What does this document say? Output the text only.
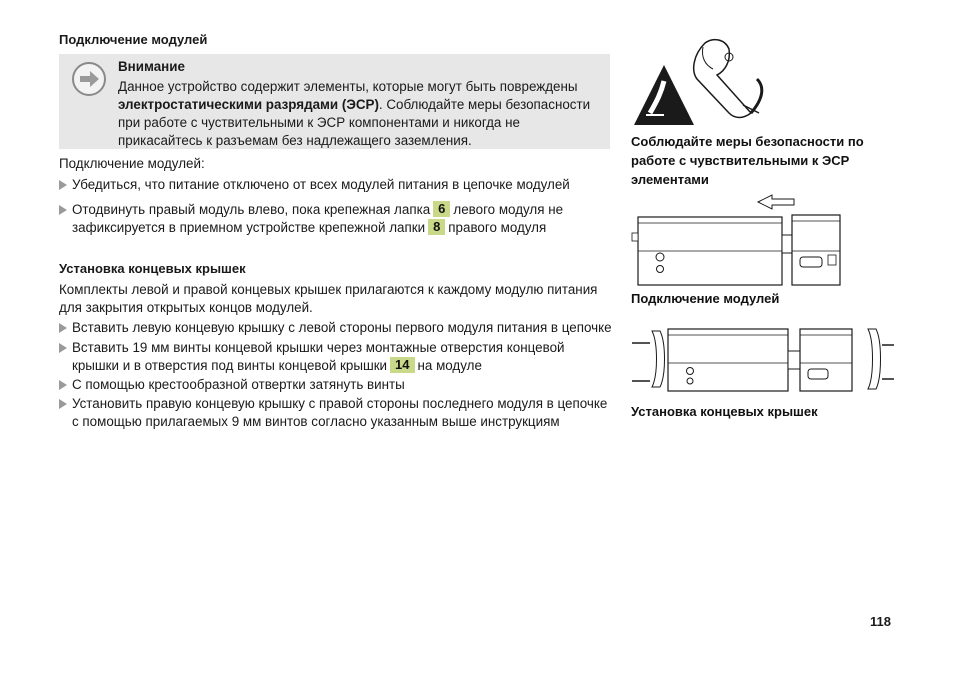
Подключение модулей
Внимание

Данное устройство содержит элементы, которые могут быть повреждены электростатическими разрядами (ЭСР). Соблюдайте меры безопасности при работе с чуствительными к ЭСР компонентами и никогда не прикасайтесь к разъемам без надлежащего заземления.

Подключение модулей:

Убедиться, что питание отключено от всех модулей питания в цепочке модулей
Отодвинуть правый модуль влево, пока крепежная лапка 6 левого модуля не зафиксируется в приемном устройстве крепежной лапки 8 правого модуля
Установка концевых крышек

Комплекты левой и правой концевых крышек прилагаются к каждому модулю питания для закрытия открытых концов модулей.

Вставить левую концевую крышку с левой стороны первого модуля питания в цепочке
Вставить 19 мм винты концевой крышки через монтажные отверстия концевой крышки и в отверстия под винты концевой крышки 14 на модуле
С помощью крестообразной отвертки затянуть винты
Установить правую концевую крышку с правой стороны последнего модуля в цепочке с помощью прилагаемых 9 мм винтов согласно указанным выше инструкциям
Соблюдайте меры безопасности по работе с чувствительными к ЭСР элементами
Подключение модулей
Установка концевых крышек
118
